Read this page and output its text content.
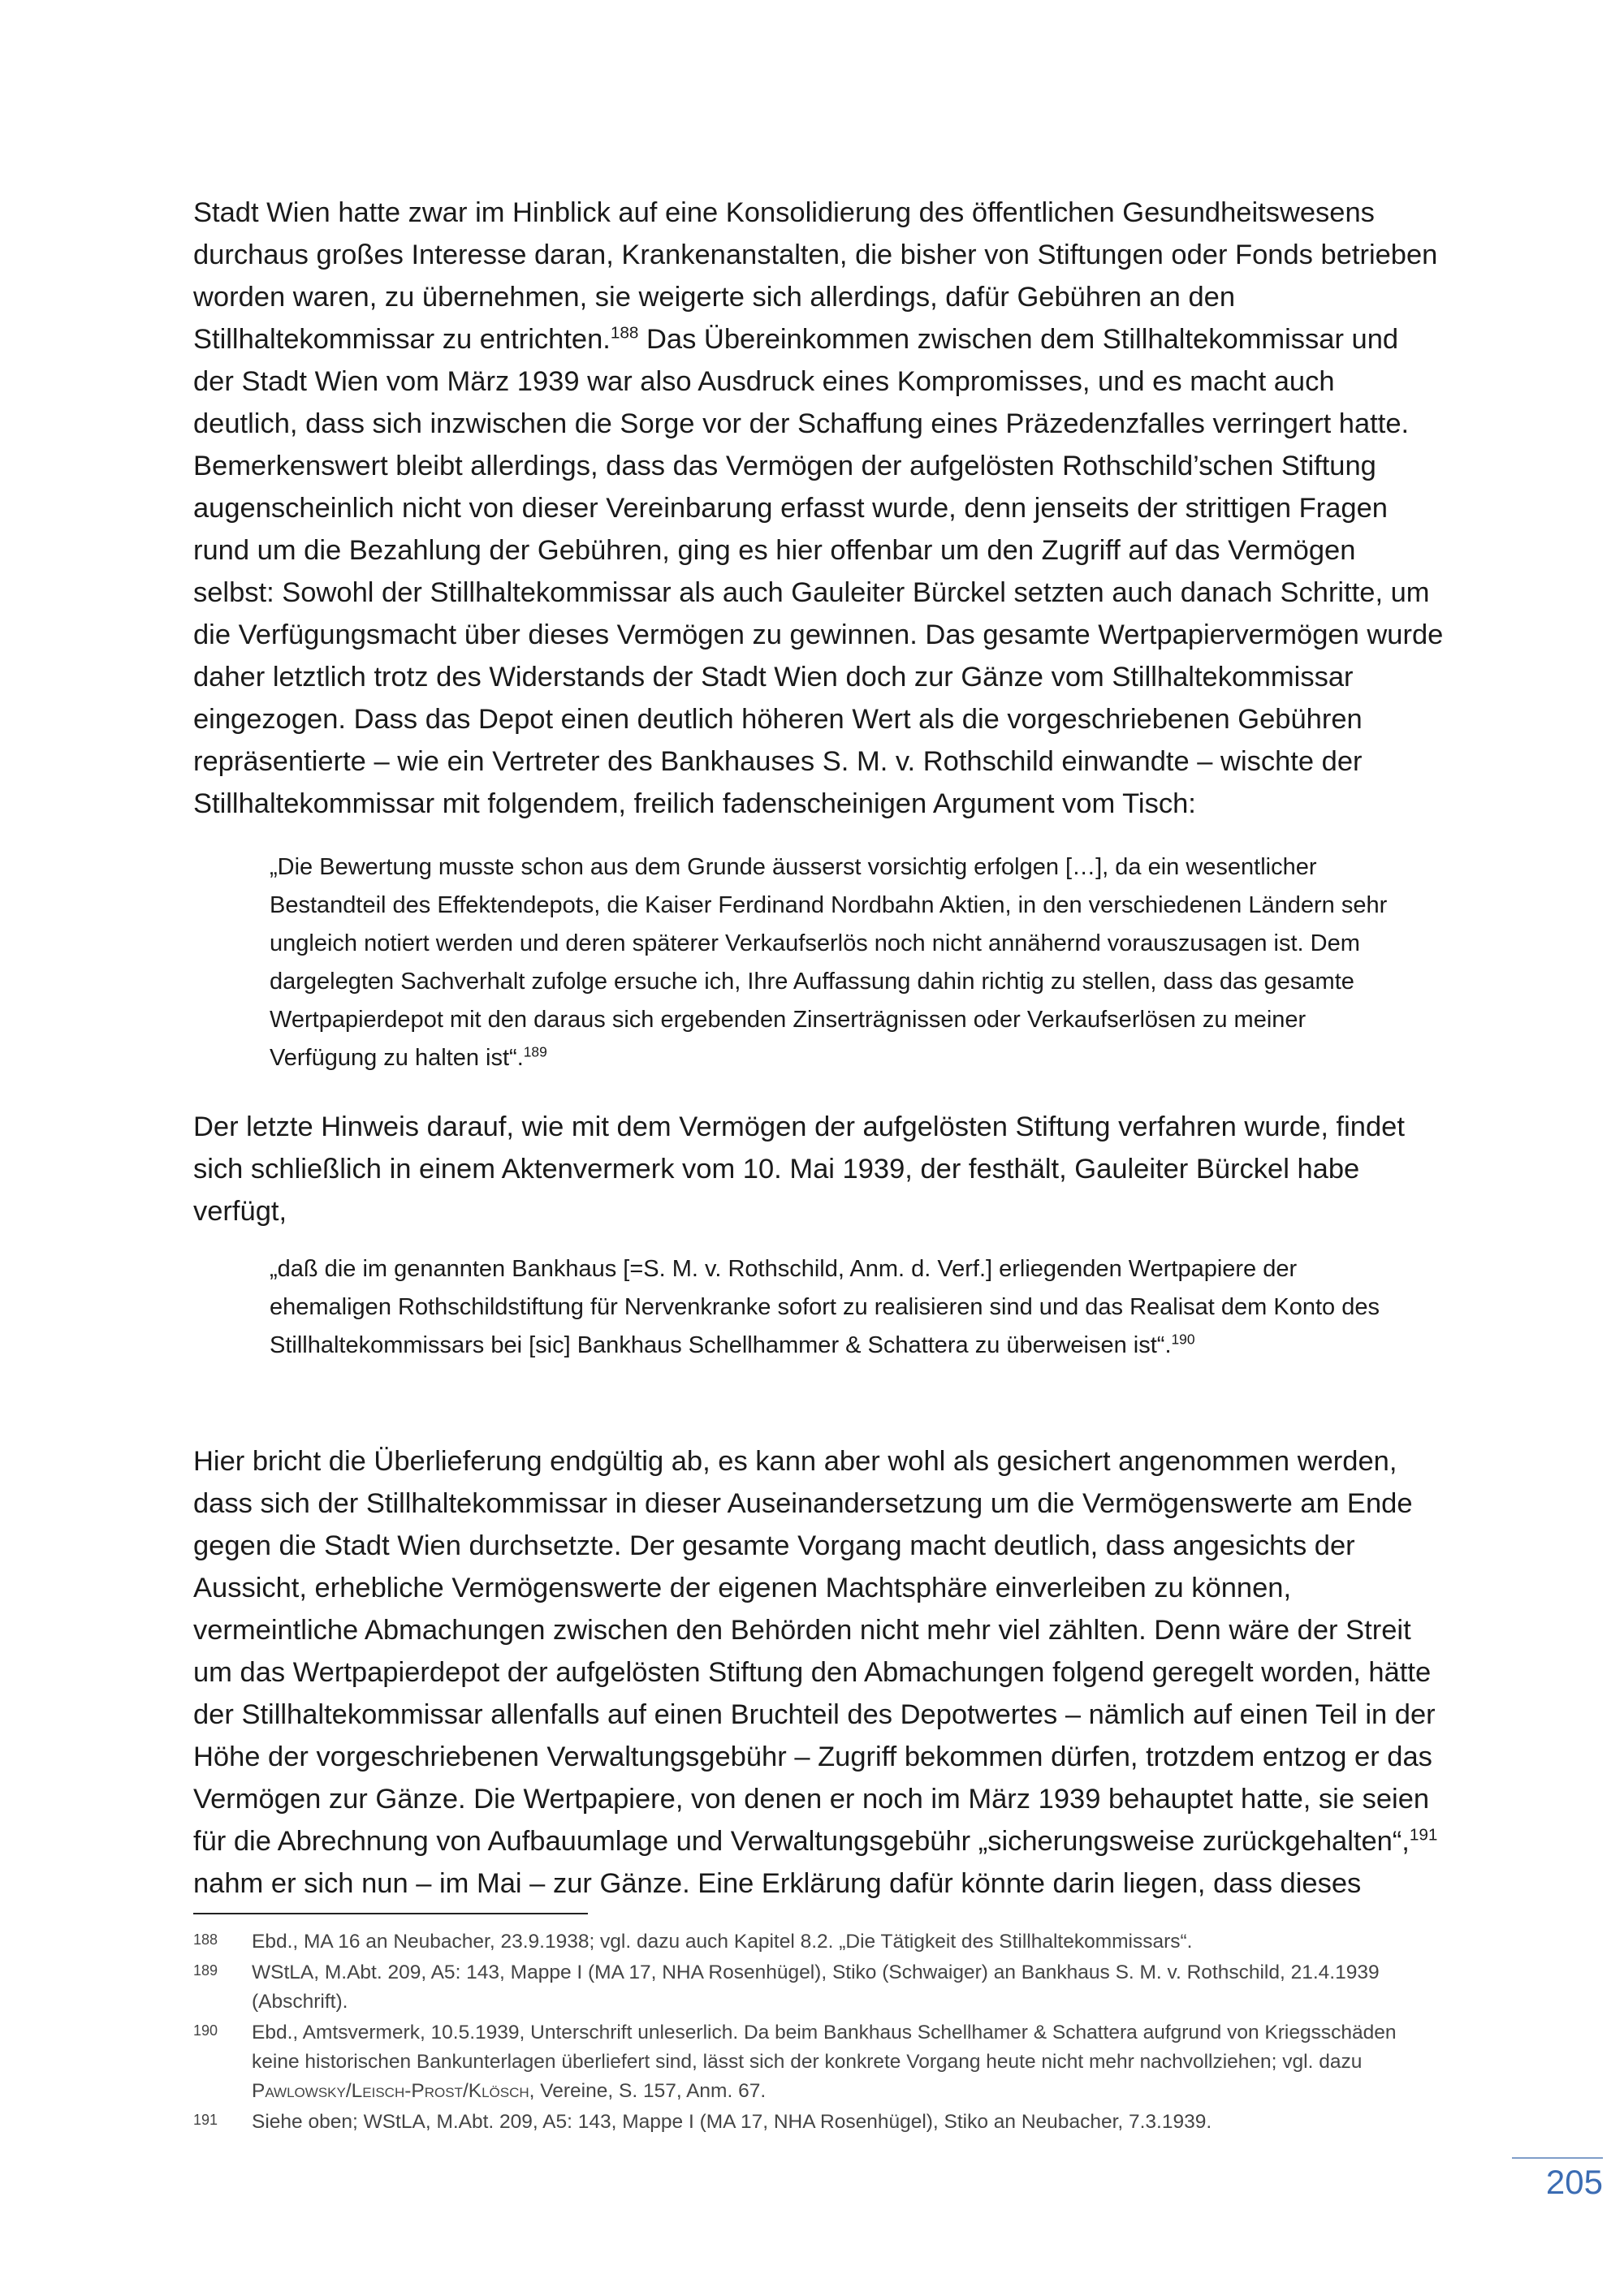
Stadt Wien hatte zwar im Hinblick auf eine Konsolidierung des öffentlichen Gesundheitswesens durchaus großes Interesse daran, Krankenanstalten, die bisher von Stiftungen oder Fonds betrieben worden waren, zu übernehmen, sie weigerte sich allerdings, dafür Gebühren an den Stillhaltekommissar zu entrichten.$^{188}$ Das Übereinkommen zwischen dem Stillhaltekommissar und der Stadt Wien vom März 1939 war also Ausdruck eines Kompromisses, und es macht auch deutlich, dass sich inzwischen die Sorge vor der Schaffung eines Präzedenzfalles verringert hatte. Bemerkenswert bleibt allerdings, dass das Vermögen der aufgelösten Rothschild’schen Stiftung augenscheinlich nicht von dieser Vereinbarung erfasst wurde, denn jenseits der strittigen Fragen rund um die Bezahlung der Gebühren, ging es hier offenbar um den Zugriff auf das Vermögen selbst: Sowohl der Stillhaltekommissar als auch Gauleiter Bürckel setzten auch danach Schritte, um die Verfügungsmacht über dieses Vermögen zu gewinnen. Das gesamte Wertpapiervermögen wurde daher letztlich trotz des Widerstands der Stadt Wien doch zur Gänze vom Stillhaltekommissar eingezogen. Dass das Depot einen deutlich höheren Wert als die vorgeschriebenen Gebühren repräsentierte – wie ein Vertreter des Bankhauses S. M. v. Rothschild einwandte – wischte der Stillhaltekommissar mit folgendem, freilich fadenscheinigen Argument vom Tisch:

„Die Bewertung musste schon aus dem Grunde äusserst vorsichtig erfolgen […], da ein wesentlicher Bestandteil des Effektendepots, die Kaiser Ferdinand Nordbahn Aktien, in den verschiedenen Ländern sehr ungleich notiert werden und deren späterer Verkaufserlös noch nicht annähernd vorauszusagen ist. Dem dargelegten Sachverhalt zufolge ersuche ich, Ihre Auffassung dahin richtig zu stellen, dass das gesamte Wertpapierdepot mit den daraus sich ergebenden Zinserträgnissen oder Verkaufserlösen zu meiner Verfügung zu halten ist“.$^{189}$

Der letzte Hinweis darauf, wie mit dem Vermögen der aufgelösten Stiftung verfahren wurde, findet sich schließlich in einem Aktenvermerk vom 10. Mai 1939, der festhält, Gauleiter Bürckel habe verfügt,

„daß die im genannten Bankhaus [=S. M. v. Rothschild, Anm. d. Verf.] erliegenden Wertpapiere der ehemaligen Rothschildstiftung für Nervenkranke sofort zu realisieren sind und das Realisat dem Konto des Stillhaltekommissars bei [sic] Bankhaus Schellhammer & Schattera zu überweisen ist“.$^{190}$

Hier bricht die Überlieferung endgültig ab, es kann aber wohl als gesichert angenommen werden, dass sich der Stillhaltekommissar in dieser Auseinandersetzung um die Vermögenswerte am Ende gegen die Stadt Wien durchsetzte. Der gesamte Vorgang macht deutlich, dass angesichts der Aussicht, erhebliche Vermögenswerte der eigenen Machtsphäre einverleiben zu können, vermeintliche Abmachungen zwischen den Behörden nicht mehr viel zählten. Denn wäre der Streit um das Wertpapierdepot der aufgelösten Stiftung den Abmachungen folgend geregelt worden, hätte der Stillhaltekommissar allenfalls auf einen Bruchteil des Depotwertes – nämlich auf einen Teil in der Höhe der vorgeschriebenen Verwaltungsgebühr – Zugriff bekommen dürfen, trotzdem entzog er das Vermögen zur Gänze. Die Wertpapiere, von denen er noch im März 1939 behauptet hatte, sie seien für die Abrechnung von Aufbauumlage und Verwaltungsgebühr „sicherungsweise zurückgehalten“,$^{191}$ nahm er sich nun – im Mai – zur Gänze. Eine Erklärung dafür könnte darin liegen, dass dieses

188	Ebd., MA 16 an Neubacher, 23.9.1938; vgl. dazu auch Kapitel 8.2. „Die Tätigkeit des Stillhaltekommissars“.
189	WStLA, M.Abt. 209, A5: 143, Mappe I (MA 17, NHA Rosenhügel), Stiko (Schwaiger) an Bankhaus S. M. v. Rothschild, 21.4.1939 (Abschrift).
190	Ebd., Amtsvermerk, 10.5.1939, Unterschrift unleserlich. Da beim Bankhaus Schellhamer & Schattera aufgrund von Kriegsschäden keine historischen Bankunterlagen überliefert sind, lässt sich der konkrete Vorgang heute nicht mehr nachvollziehen; vgl. dazu Pawlowsky/Leisch-Prost/Klösch, Vereine, S. 157, Anm. 67.
191	Siehe oben; WStLA, M.Abt. 209, A5: 143, Mappe I (MA 17, NHA Rosenhügel), Stiko an Neubacher, 7.3.1939.
205
